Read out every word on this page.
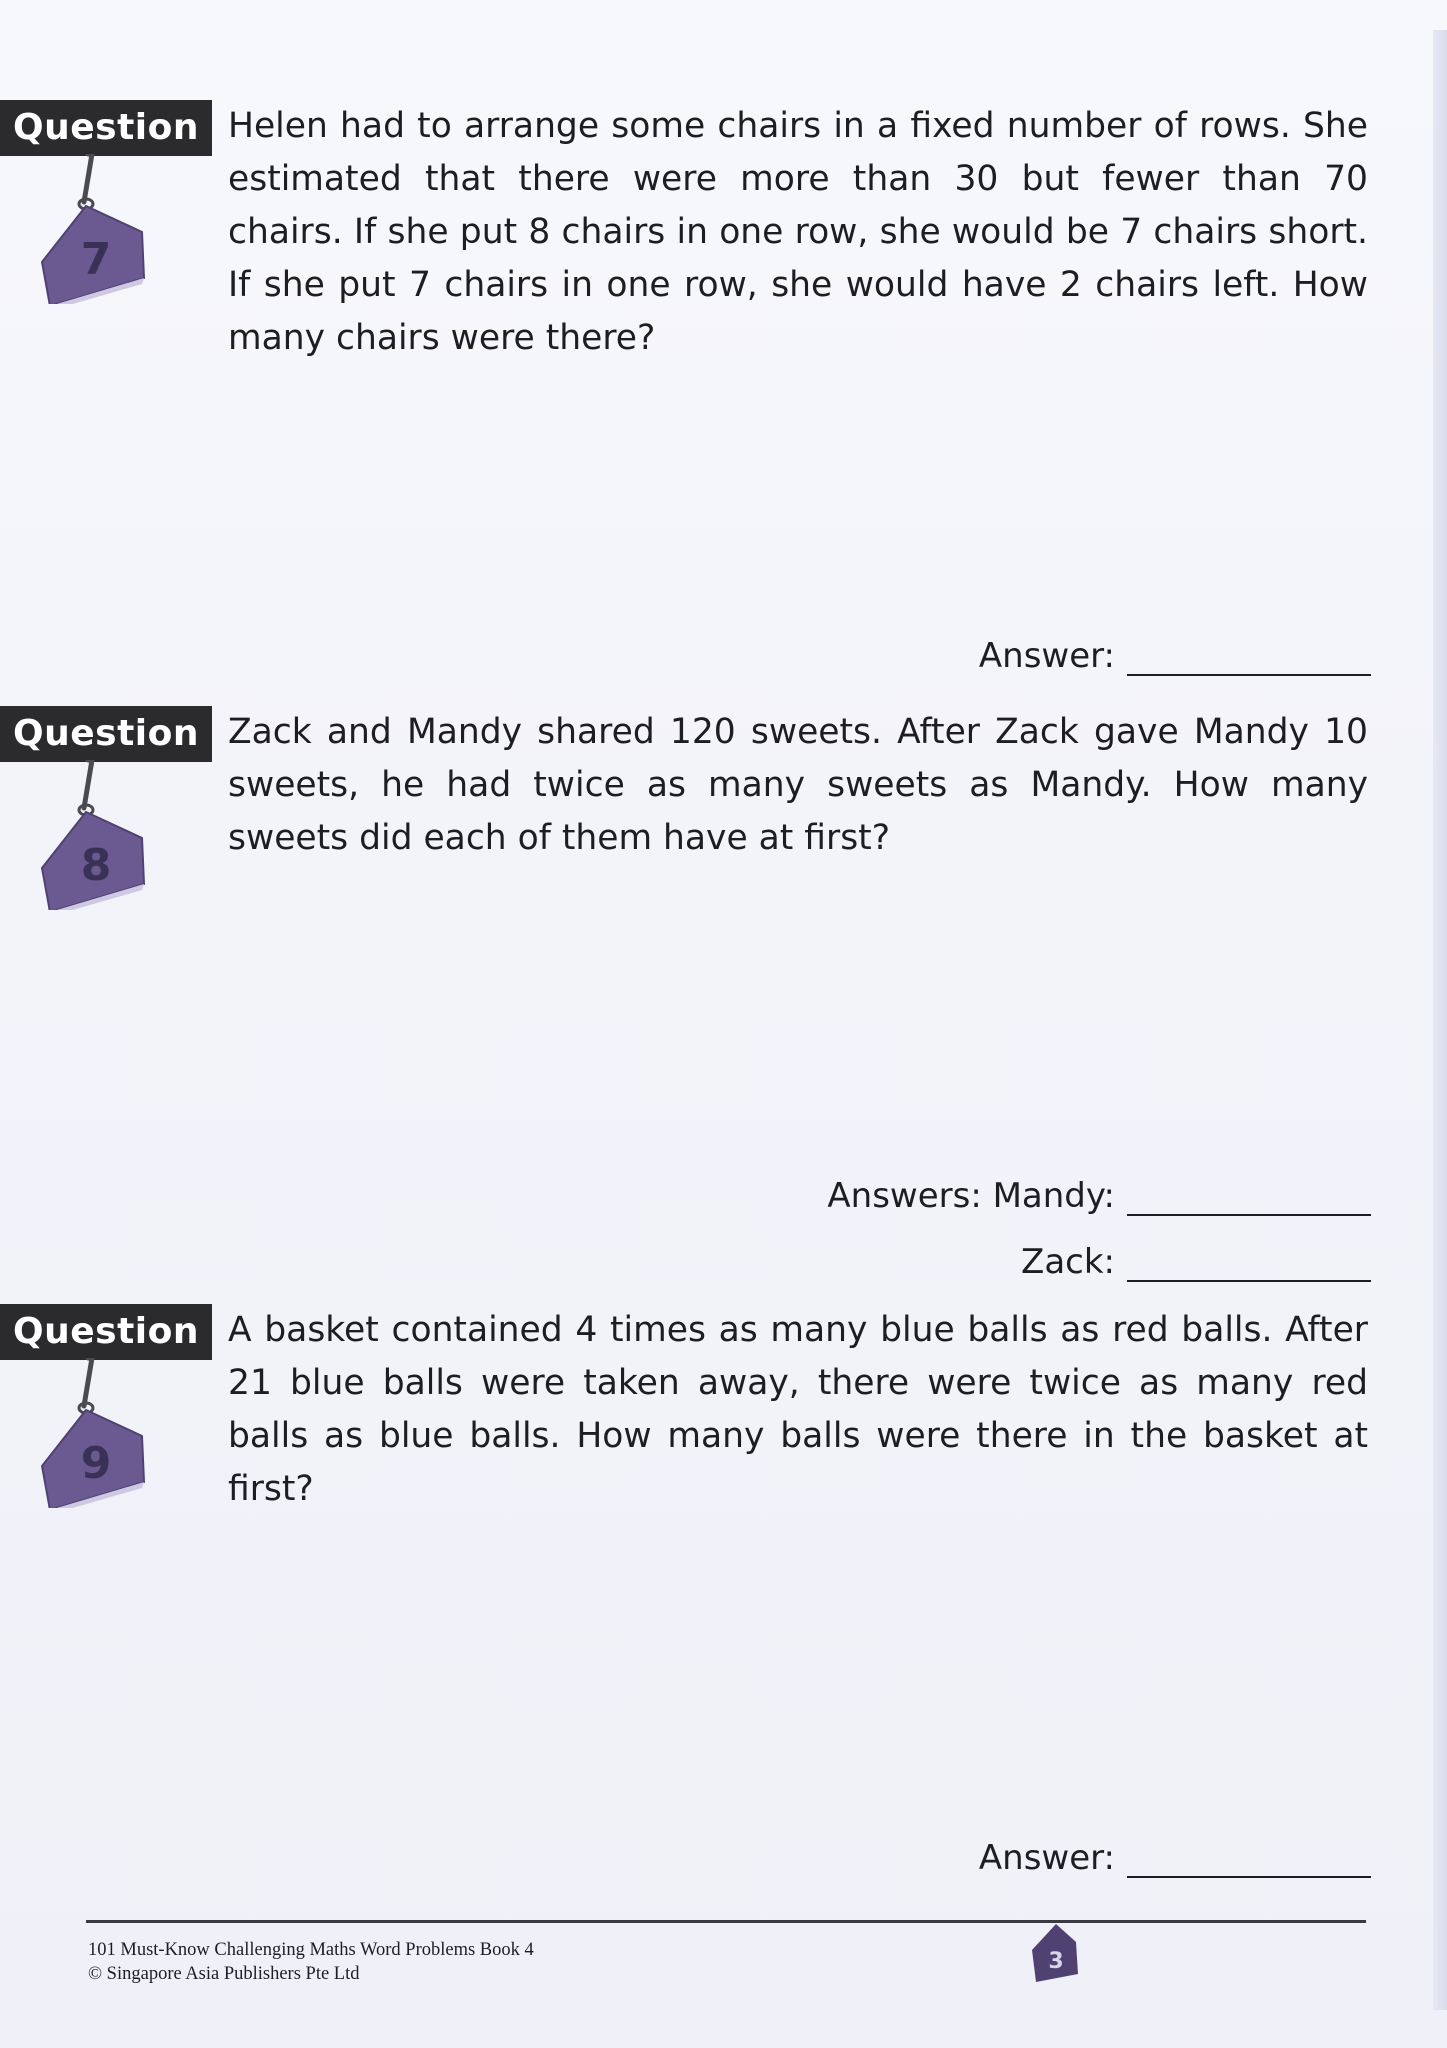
Question
7
Helen had to arrange some chairs in a fixed number of rows. She estimated that there were more than 30 but fewer than 70 chairs. If she put 8 chairs in one row, she would be 7 chairs short. If she put 7 chairs in one row, she would have 2 chairs left. How many chairs were there?
Answer:
Question
8
Zack and Mandy shared 120 sweets. After Zack gave Mandy 10 sweets, he had twice as many sweets as Mandy. How many sweets did each of them have at first?
Answers: Mandy:
Zack:
Question
9
A basket contained 4 times as many blue balls as red balls. After 21 blue balls were taken away, there were twice as many red balls as blue balls. How many balls were there in the basket at first?
Answer:
101 Must-Know Challenging Maths Word Problems Book 4
© Singapore Asia Publishers Pte Ltd	3
